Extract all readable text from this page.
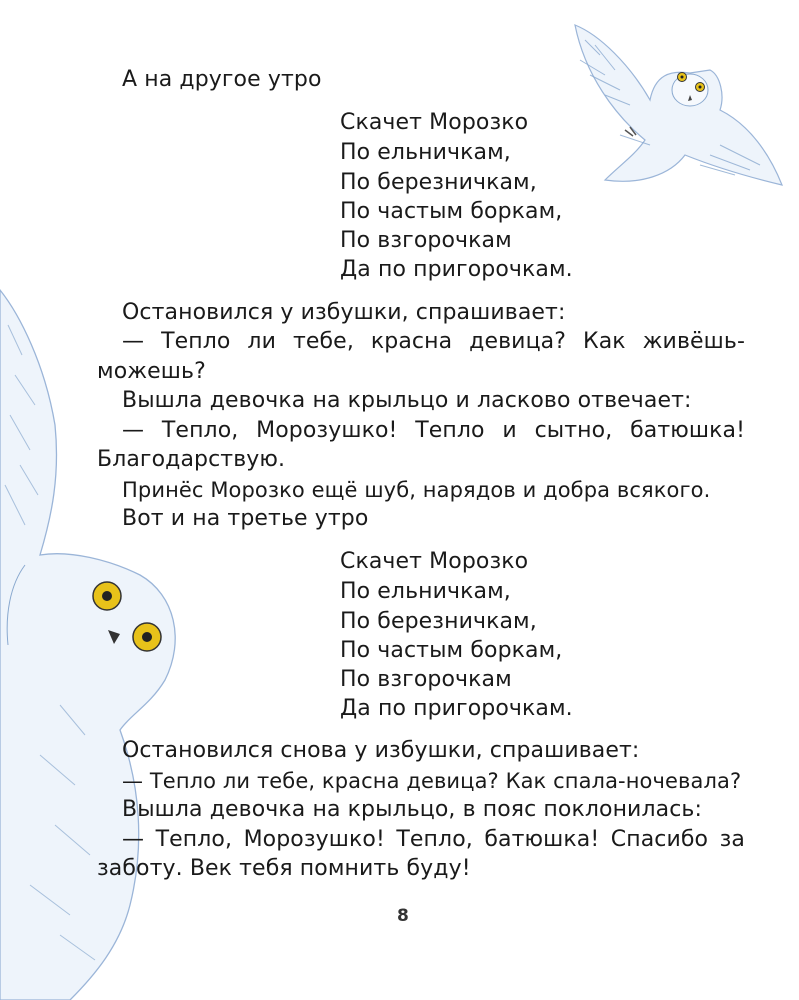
А на другое утро
Скачет Морозко
По ельничкам,
По березничкам,
По частым боркам,
По взгорочкам
Да по пригорочкам.
Остановился у избушки, спрашивает:
— Тепло ли тебе, красна девица? Как живёшь-
можешь?
Вышла девочка на крыльцо и ласково отвечает:
— Тепло, Морозушко! Тепло и сытно, батюшка!
Благодарствую.
Принёс Морозко ещё шуб, нарядов и добра всякого.
Вот и на третье утро
Скачет Морозко
По ельничкам,
По березничкам,
По частым боркам,
По взгорочкам
Да по пригорочкам.
Остановился снова у избушки, спрашивает:
— Тепло ли тебе, красна девица? Как спала-ночевала?
Вышла девочка на крыльцо, в пояс поклонилась:
— Тепло, Морозушко! Тепло, батюшка! Спасибо за
заботу. Век тебя помнить буду!
8
